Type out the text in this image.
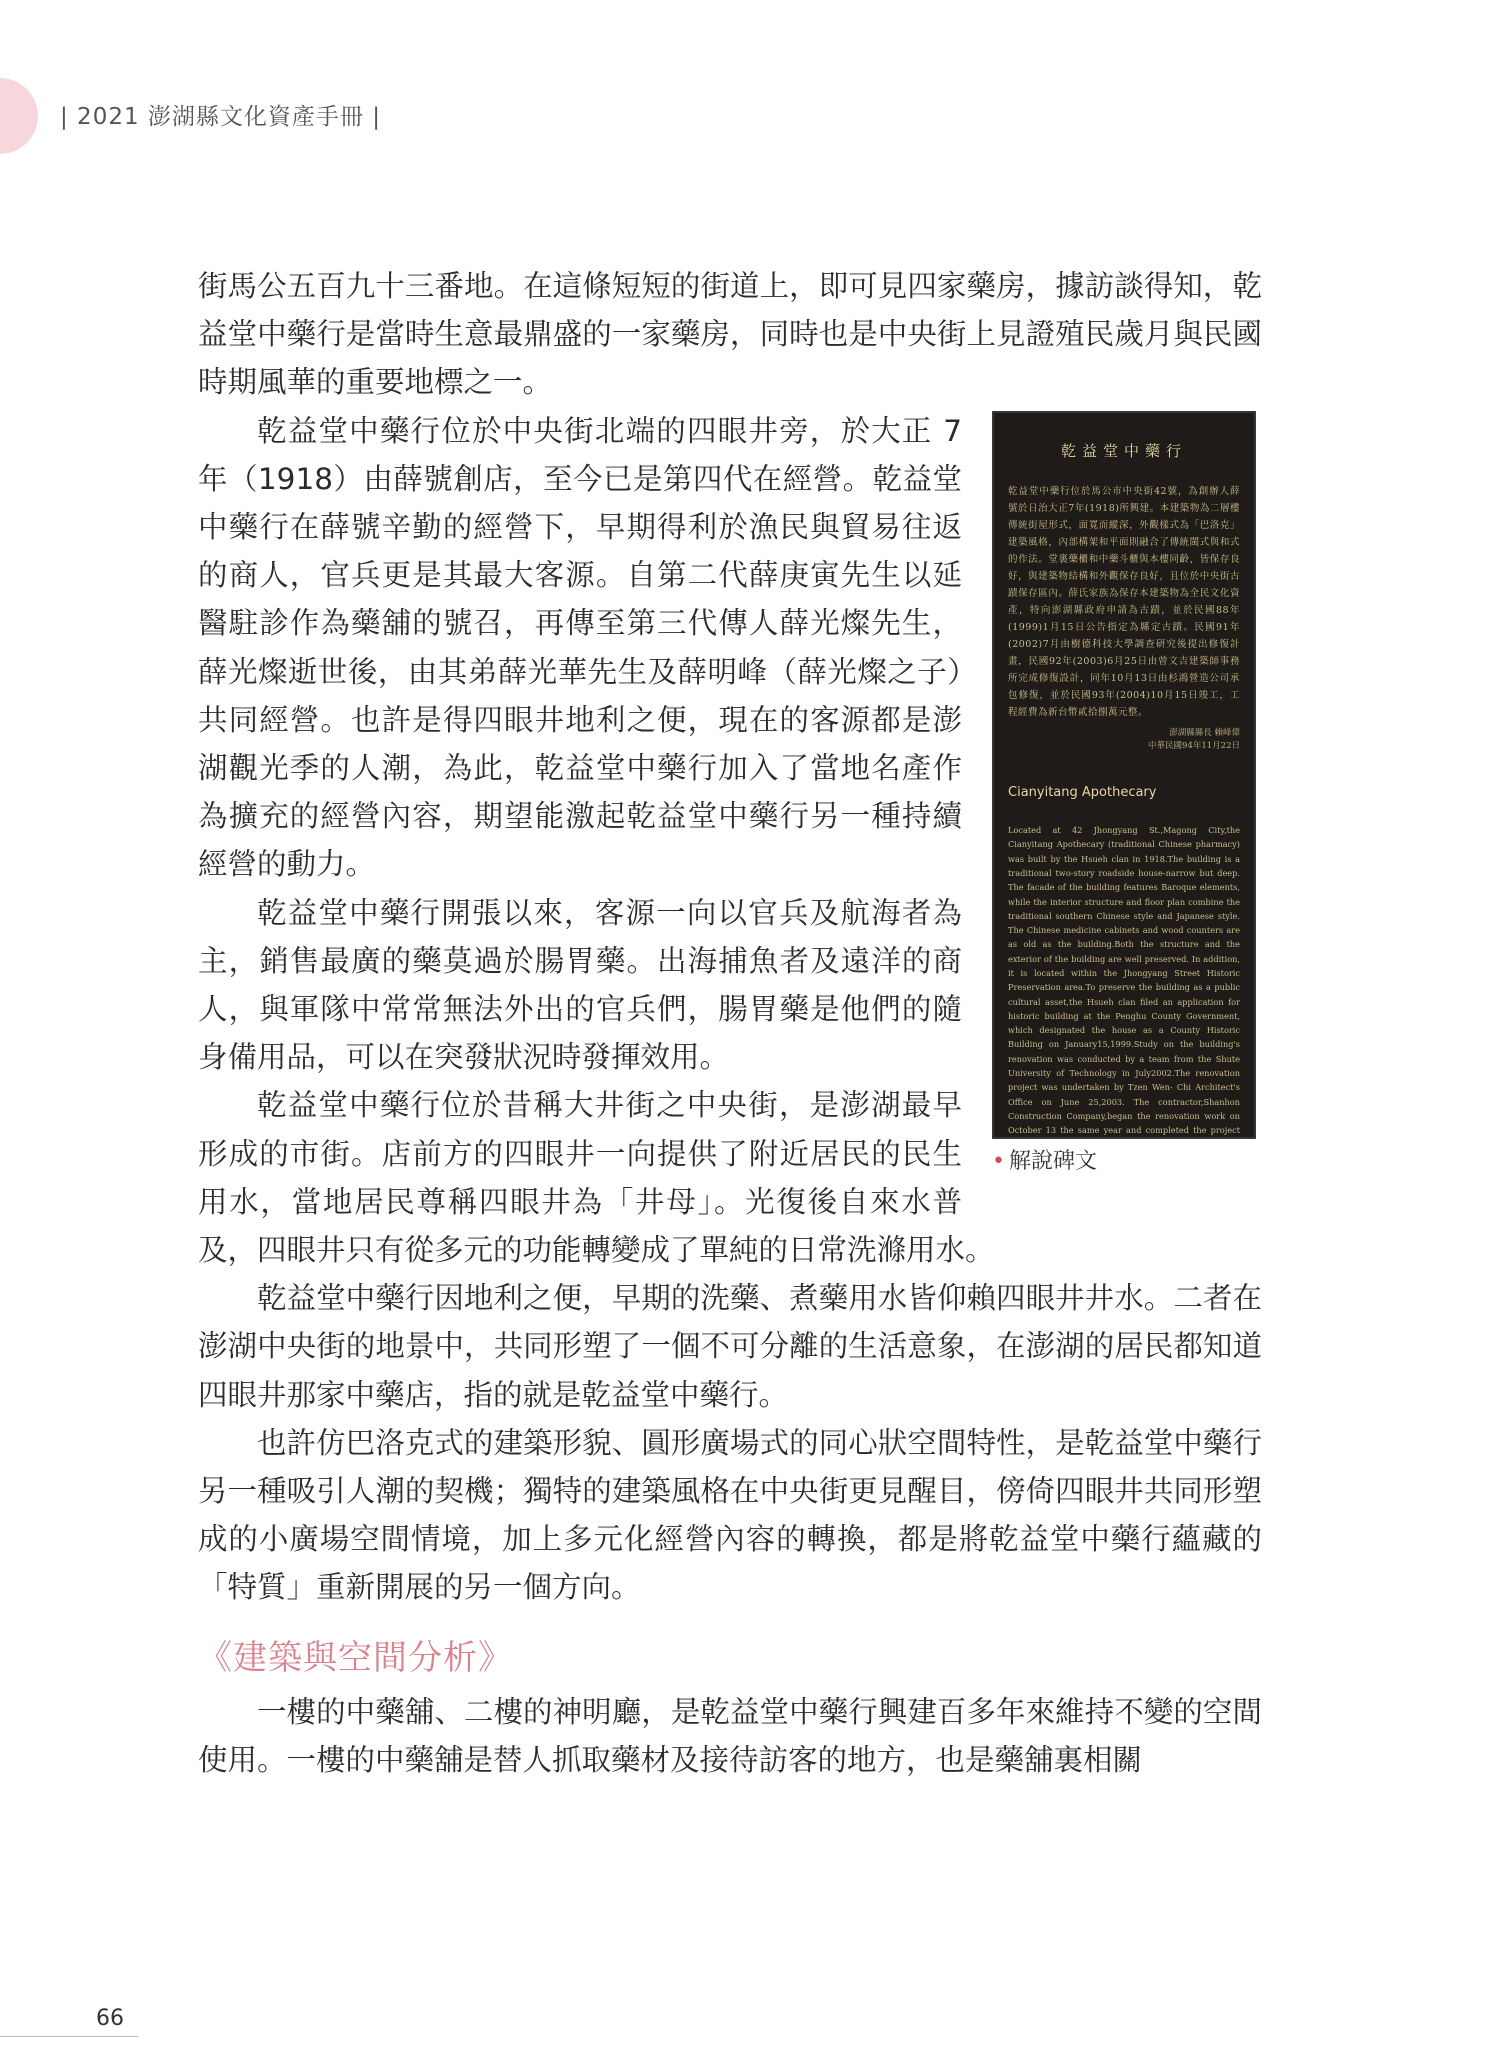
| 2021 澎湖縣文化資產手冊 |

街馬公五百九十三番地。在這條短短的街道上，即可見四家藥房，據訪談得知，乾益堂中藥行是當時生意最鼎盛的一家藥房，同時也是中央街上見證殖民歲月與民國時期風華的重要地標之一。

乾益堂中藥行
乾益堂中藥行位於馬公市中央街42號，為創辦人薛號於日治大正7年(1918)所興建。本建築物為二層樓傳統街屋形式，面寬而縱深，外觀樣式為「巴洛克」建築風格，內部構架和平面則融合了傳統閩式與和式的作法。堂裏藥櫃和中藥斗櫃與本樓同齡，皆保存良好，與建築物結構和外觀保存良好，且位於中央街古蹟保存區內。薛氏家族為保存本建築物為全民文化資產，特向澎湖縣政府申請為古蹟，並於民國88年(1999)1月15日公告指定為縣定古蹟。民國91年(2002)7月由樹德科技大學調查研究後提出修復計畫，民國92年(2003)6月25日由曾文吉建築師事務所完成修復設計，同年10月13日由杉鴻營造公司承包修復，並於民國93年(2004)10月15日竣工，工程經費為新台幣貳拾捌萬元整。
澎湖縣縣長 賴峰偉
中華民國94年11月22日
Cianyitang Apothecary
Located at 42 Jhongyang St.,Magong City,the Cianyitang Apothecary (traditional Chinese pharmacy) was built by the Hsueh clan in 1918.The building is a traditional two-story roadside house-narrow but deep. The facade of the building features Baroque elements, while the interior structure and floor plan combine the traditional southern Chinese style and Japanese style. The Chinese medicine cabinets and wood counters are as old as the building.Both the structure and the exterior of the building are well preserved. In addition, it is located within the Jhongyang Street Historic Preservation area.To preserve the building as a public cultural asset,the Hsueh clan filed an application for historic building at the Penghu County Government, which designated the house as a County Historic Building on January15,1999.Study on the building's renovation was conducted by a team from the Shute University of Technology in July2002.The renovation project was undertaken by Tzen Wen- Chi Architect's Office on June 25,2003. The contractor,Shanhon Construction Company,began the renovation work on October 13 the same year and completed the project
• 解說碑文

乾益堂中藥行位於中央街北端的四眼井旁，於大正 7 年（1918）由薛號創店，至今已是第四代在經營。乾益堂中藥行在薛號辛勤的經營下，早期得利於漁民與貿易往返的商人，官兵更是其最大客源。自第二代薛庚寅先生以延醫駐診作為藥舖的號召，再傳至第三代傳人薛光燦先生，薛光燦逝世後，由其弟薛光華先生及薛明峰（薛光燦之子）共同經營。也許是得四眼井地利之便，現在的客源都是澎湖觀光季的人潮，為此，乾益堂中藥行加入了當地名產作為擴充的經營內容，期望能激起乾益堂中藥行另一種持續經營的動力。

乾益堂中藥行開張以來，客源一向以官兵及航海者為主，銷售最廣的藥莫過於腸胃藥。出海捕魚者及遠洋的商人，與軍隊中常常無法外出的官兵們，腸胃藥是他們的隨身備用品，可以在突發狀況時發揮效用。

乾益堂中藥行位於昔稱大井街之中央街，是澎湖最早形成的市街。店前方的四眼井一向提供了附近居民的民生用水，當地居民尊稱四眼井為「井母」。光復後自來水普及，四眼井只有從多元的功能轉變成了單純的日常洗滌用水。

乾益堂中藥行因地利之便，早期的洗藥、煮藥用水皆仰賴四眼井井水。二者在澎湖中央街的地景中，共同形塑了一個不可分離的生活意象，在澎湖的居民都知道四眼井那家中藥店，指的就是乾益堂中藥行。

也許仿巴洛克式的建築形貌、圓形廣場式的同心狀空間特性，是乾益堂中藥行另一種吸引人潮的契機；獨特的建築風格在中央街更見醒目，傍倚四眼井共同形塑成的小廣場空間情境，加上多元化經營內容的轉換，都是將乾益堂中藥行蘊藏的「特質」重新開展的另一個方向。

《建築與空間分析》

一樓的中藥舖、二樓的神明廳，是乾益堂中藥行興建百多年來維持不變的空間使用。一樓的中藥舖是替人抓取藥材及接待訪客的地方，也是藥舖裏相關

66
